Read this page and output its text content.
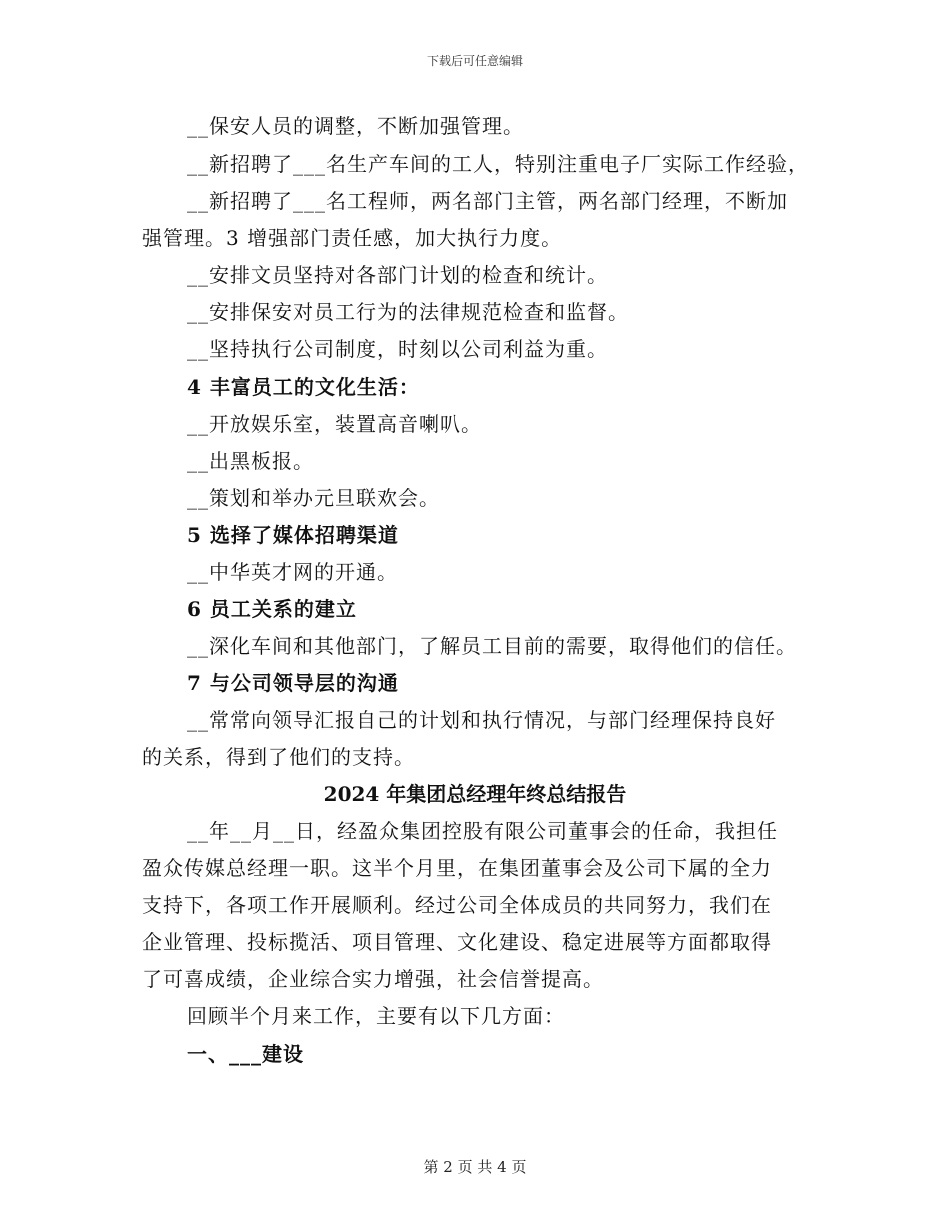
下载后可任意编辑
__保安人员的调整，不断加强管理。
__新招聘了___名生产车间的工人，特别注重电子厂实际工作经验，
__新招聘了___名工程师，两名部门主管，两名部门经理，不断加
强管理。3 增强部门责任感，加大执行力度。
__安排文员坚持对各部门计划的检查和统计。
__安排保安对员工行为的法律规范检查和监督。
__坚持执行公司制度，时刻以公司利益为重。
4 丰富员工的文化生活：
__开放娱乐室，装置高音喇叭。
__出黑板报。
__策划和举办元旦联欢会。
5 选择了媒体招聘渠道
__中华英才网的开通。
6 员工关系的建立
__深化车间和其他部门，了解员工目前的需要，取得他们的信任。
7 与公司领导层的沟通
__常常向领导汇报自己的计划和执行情况，与部门经理保持良好
的关系，得到了他们的支持。
2024 年集团总经理年终总结报告
__年__月__日，经盈众集团控股有限公司董事会的任命，我担任
盈众传媒总经理一职。这半个月里，在集团董事会及公司下属的全力
支持下，各项工作开展顺利。经过公司全体成员的共同努力，我们在
企业管理、投标揽活、项目管理、文化建设、稳定进展等方面都取得
了可喜成绩，企业综合实力增强，社会信誉提高。
回顾半个月来工作，主要有以下几方面：
一、___建设
第 2 页 共 4 页
